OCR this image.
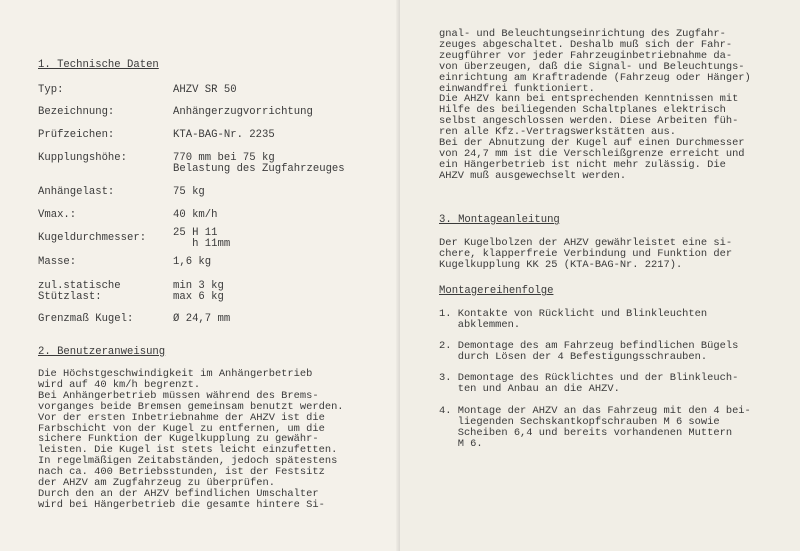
1. Technische Daten
Typ:	AHZV SR 50
Bezeichnung:	Anhängerzugvorrichtung
Prüfzeichen:	KTA-BAG-Nr. 2235
Kupplungshöhe:	770 mm bei 75 kg
Belastung des Zugfahrzeuges
Anhängelast:	75 kg
Vmax.:	40 km/h
Kugeldurchmesser:	25 H 11
h 11mm
Masse:	1,6 kg
zul.statische
Stützlast:
min 3 kg
max 6 kg
Grenzmaß Kugel:	Ø 24,7 mm
2. Benutzeranweisung
Die Höchstgeschwindigkeit im Anhängerbetrieb
wird auf 40 km/h begrenzt.
Bei Anhängerbetrieb müssen während des Brems-
vorganges beide Bremsen gemeinsam benutzt werden.
Vor der ersten Inbetriebnahme der AHZV ist die
Farbschicht von der Kugel zu entfernen, um die
sichere Funktion der Kugelkupplung zu gewähr-
leisten. Die Kugel ist stets leicht einzufetten.
In regelmäßigen Zeitabständen, jedoch spätestens
nach ca. 400 Betriebsstunden, ist der Festsitz
der AHZV am Zugfahrzeug zu überprüfen.
Durch den an der AHZV befindlichen Umschalter
wird bei Hängerbetrieb die gesamte hintere Si-
gnal- und Beleuchtungseinrichtung des Zugfahr-
zeuges abgeschaltet. Deshalb muß sich der Fahr-
zeugführer vor jeder Fahrzeuginbetriebnahme da-
von überzeugen, daß die Signal- und Beleuchtungs-
einrichtung am Kraftradende (Fahrzeug oder Hänger)
einwandfrei funktioniert.
Die AHZV kann bei entsprechenden Kenntnissen mit
Hilfe des beiliegenden Schaltplanes elektrisch
selbst angeschlossen werden. Diese Arbeiten füh-
ren alle Kfz.-Vertragswerkstätten aus.
Bei der Abnutzung der Kugel auf einen Durchmesser
von 24,7 mm ist die Verschleißgrenze erreicht und
ein Hängerbetrieb ist nicht mehr zulässig. Die
AHZV muß ausgewechselt werden.
3. Montageanleitung
Der Kugelbolzen der AHZV gewährleistet eine si-
chere, klapperfreie Verbindung und Funktion der
Kugelkupplung KK 25 (KTA-BAG-Nr. 2217).
Montagereihenfolge
1. Kontakte von Rücklicht und Blinkleuchten
abklemmen.
2. Demontage des am Fahrzeug befindlichen Bügels
durch Lösen der 4 Befestigungsschrauben.
3. Demontage des Rücklichtes und der Blinkleuch-
ten und Anbau an die AHZV.
4. Montage der AHZV an das Fahrzeug mit den 4 bei-
liegenden Sechskantkopfschrauben M 6 sowie
Scheiben 6,4 und bereits vorhandenen Muttern
M 6.
